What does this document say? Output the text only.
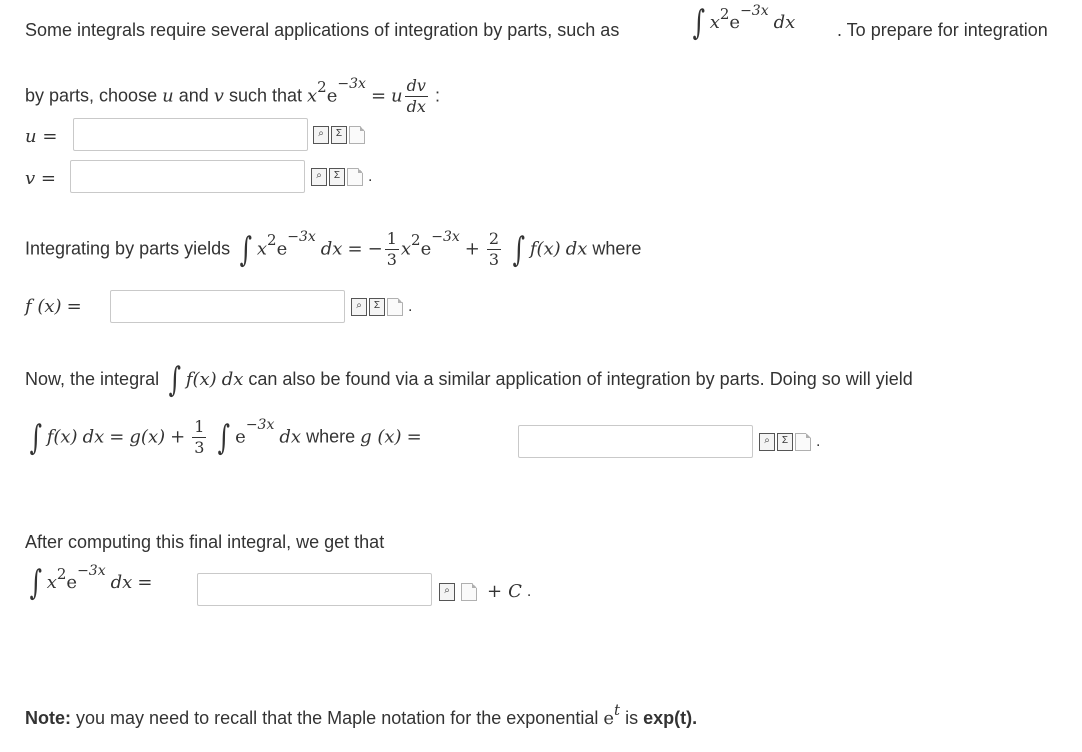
Some integrals require several applications of integration by parts, such as ∫ $x^2e^{-3x}$ dx . To prepare for integration
by parts, choose u and v such that $x^2e^{-3x} = u \frac{dv}{dx}$ :
u =	⌕	Σ
v =	⌕	Σ	.
Integrating by parts yields ∫ $x^2e^{-3x}$ dx = − $\frac{1}{3} x^2e^{-3x} + \frac{2}{3}$ ∫ f(x) dx where
f (x) =	⌕	Σ	.
Now, the integral ∫ f(x) dx can also be found via a similar application of integration by parts. Doing so will yield
∫ f(x) dx = $g(x) + \frac{1}{3}$ ∫ $e^{-3x}$ dx where g (x) =	⌕	Σ	.
After computing this final integral, we get that
∫ $x^2e^{-3x}$ dx =	⌕ + C .
Note: you may need to recall that the Maple notation for the exponential $e^t$ is exp(t).
